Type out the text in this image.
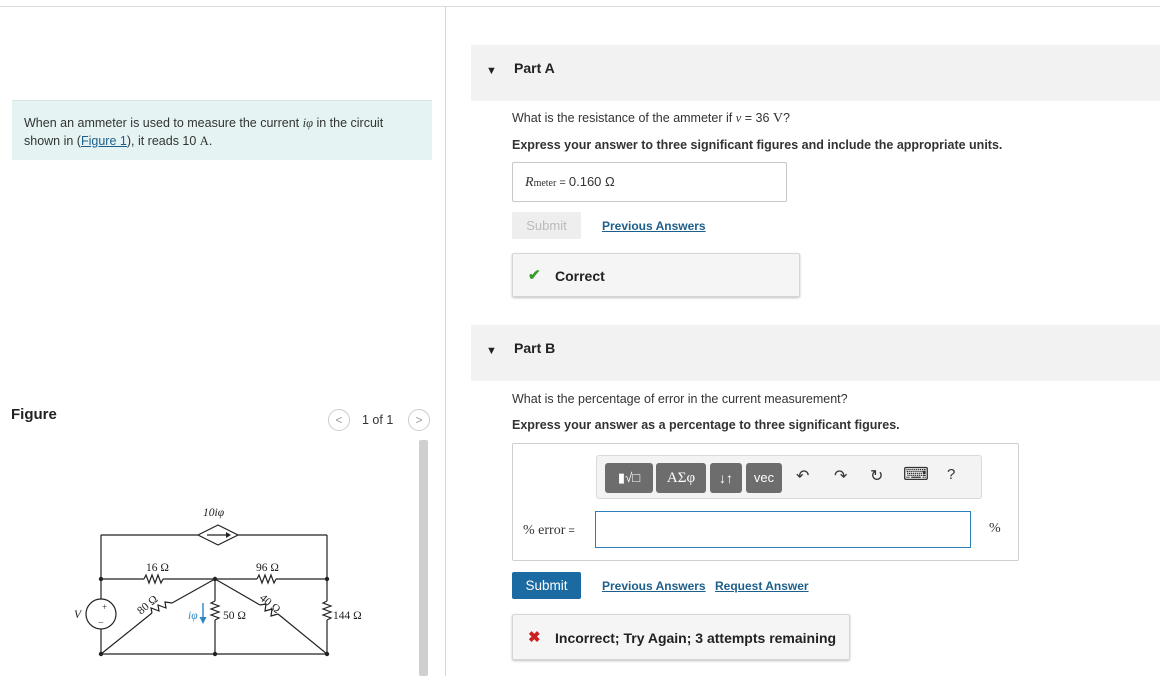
When an ammeter is used to measure the current iφ in the circuit shown in (Figure 1), it reads 10 A.
Figure	<	1 of 1	>
10iφ
16 Ω	96 Ω
80 Ω	40 Ω
50 Ω	144 Ω
V	iφ
+
−
▼ Part A
What is the resistance of the ammeter if v = 36 V?
Express your answer to three significant figures and include the appropriate units.
Rmeter = 0.160 Ω
Submit	Previous Answers
✔ Correct
▼ Part B
What is the percentage of error in the current measurement?
Express your answer as a percentage to three significant figures.
▮√□	ΑΣφ	↓↑	vec	↶ ↷ ↻ ⌨ ?
% error =	%
Submit	Previous Answers Request Answer
✖ Incorrect; Try Again; 3 attempts remaining
